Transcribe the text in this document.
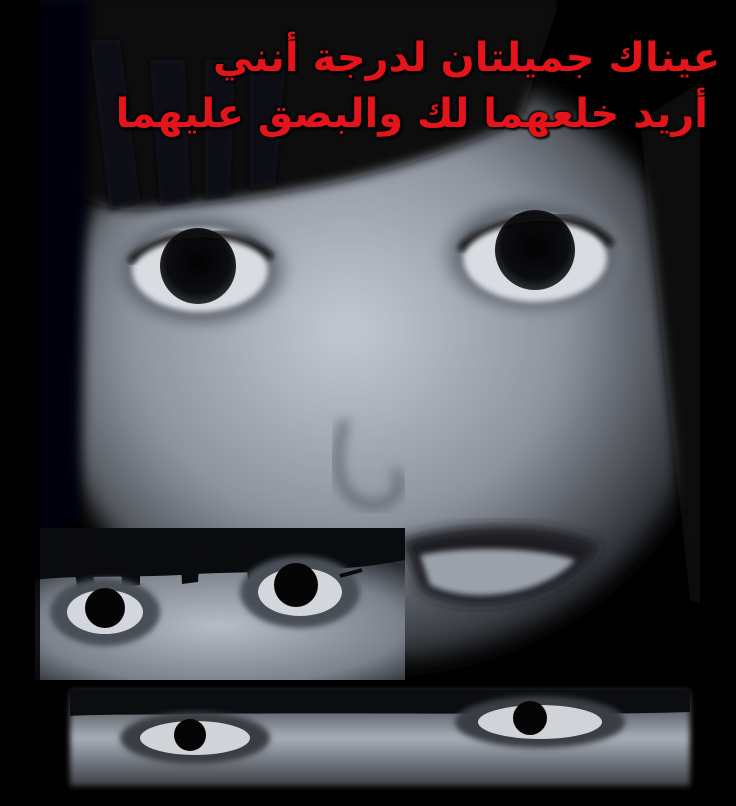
عيناك جميلتان لدرجة أنني
أريد خلعهما لك والبصق عليهما
